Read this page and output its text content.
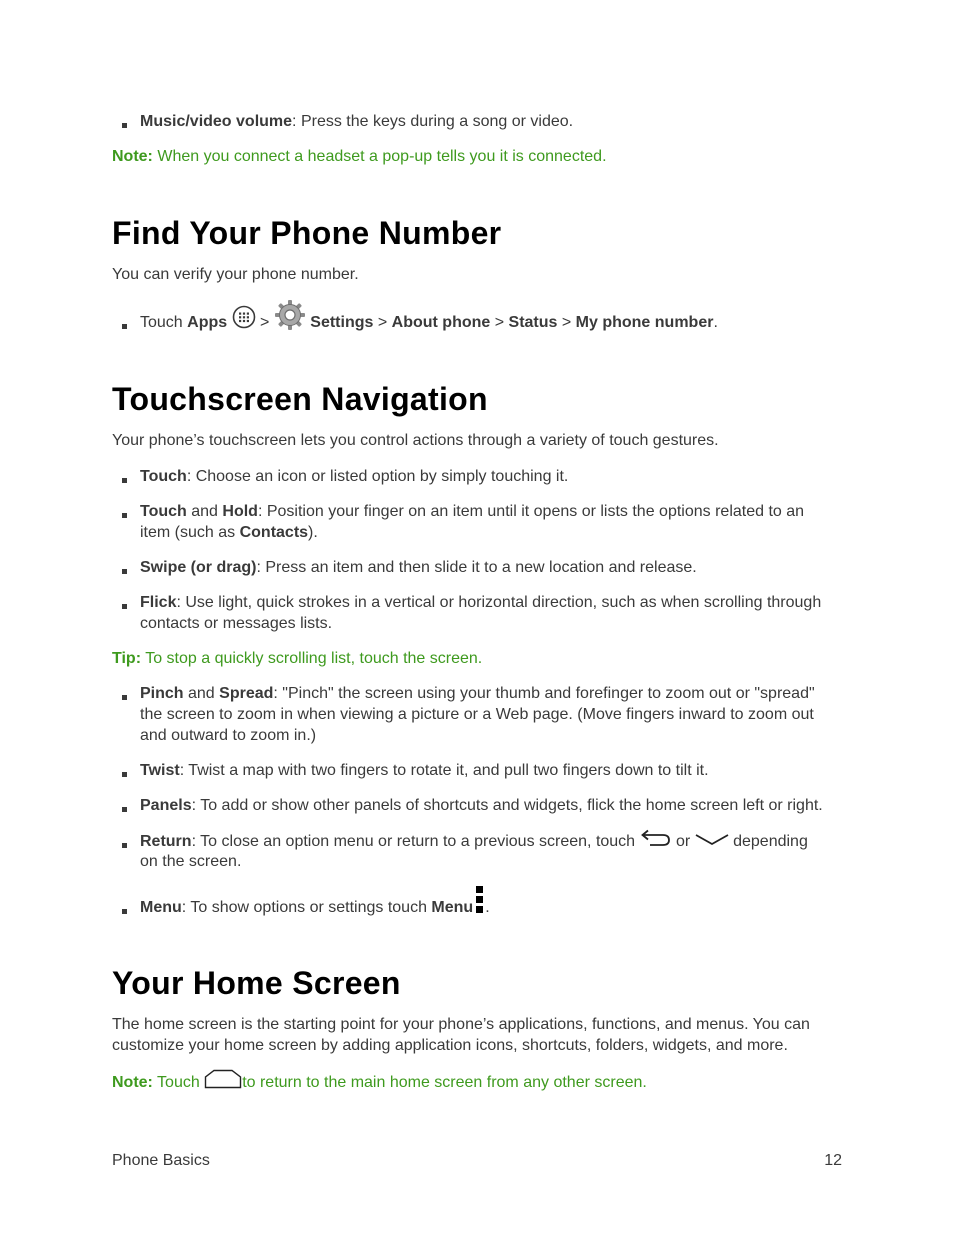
Music/video volume: Press the keys during a song or video.
Note: When you connect a headset a pop-up tells you it is connected.
Find Your Phone Number
You can verify your phone number.
Touch Apps  >  Settings > About phone > Status > My phone number.
Touchscreen Navigation
Your phone’s touchscreen lets you control actions through a variety of touch gestures.
Touch: Choose an icon or listed option by simply touching it.
Touch and Hold: Position your finger on an item until it opens or lists the options related to an
item (such as Contacts).
Swipe (or drag): Press an item and then slide it to a new location and release.
Flick: Use light, quick strokes in a vertical or horizontal direction, such as when scrolling through
contacts or messages lists.
Tip: To stop a quickly scrolling list, touch the screen.
Pinch and Spread: "Pinch" the screen using your thumb and forefinger to zoom out or "spread"
the screen to zoom in when viewing a picture or a Web page. (Move fingers inward to zoom out
and outward to zoom in.)
Twist: Twist a map with two fingers to rotate it, and pull two fingers down to tilt it.
Panels: To add or show other panels of shortcuts and widgets, flick the home screen left or right.
Return: To close an option menu or return to a previous screen, touch  or  depending
on the screen.
Menu: To show options or settings touch Menu .
Your Home Screen
The home screen is the starting point for your phone’s applications, functions, and menus. You can
customize your home screen by adding application icons, shortcuts, folders, widgets, and more.
Note: Touch to return to the main home screen from any other screen.
Phone Basics	12
